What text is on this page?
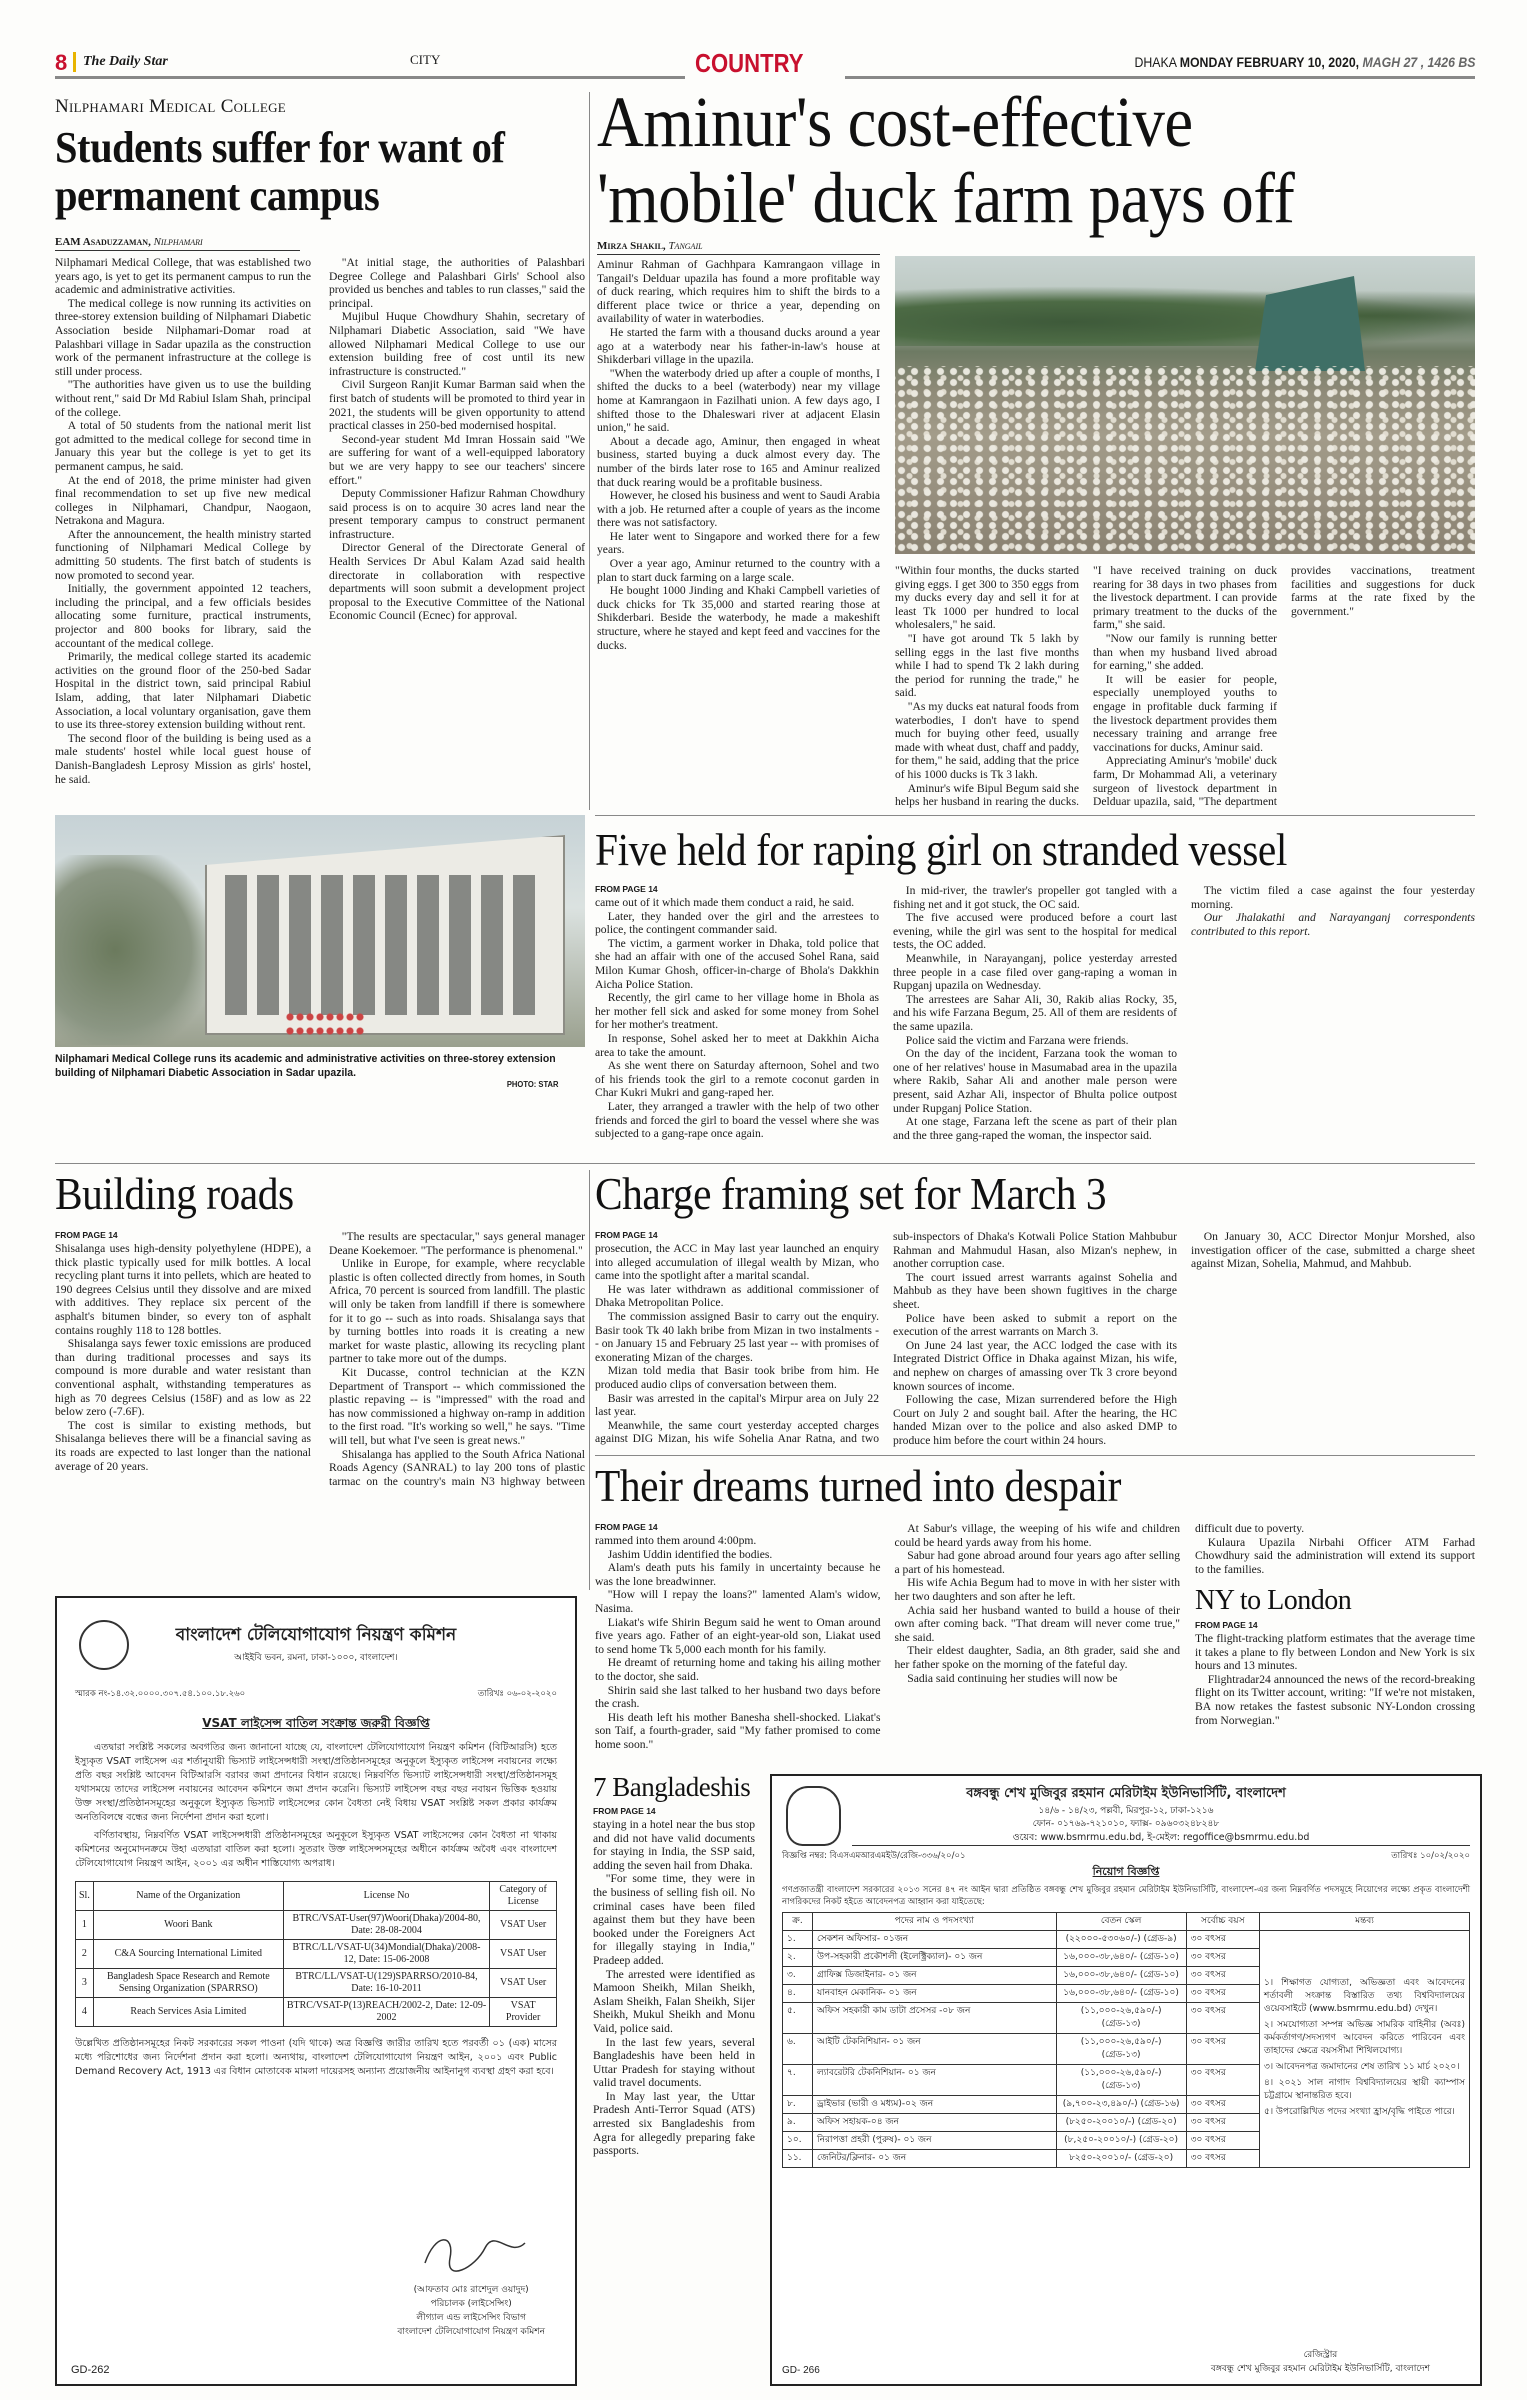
8 The Daily Star	CITY	COUNTRY	DHAKA MONDAY FEBRUARY 10, 2020, MAGH 27 , 1426 BS
Nilphamari Medical College
Students suffer for want of permanent campus
EAM Asaduzzaman, Nilphamari

Nilphamari Medical College, that was established two years ago, is yet to get its permanent campus to run the academic and administrative activities.

The medical college is now running its activities on three-storey extension building of Nilphamari Diabetic Association beside Nilphamari-Domar road at Palashbari village in Sadar upazila as the construction work of the permanent infrastructure at the college is still under process.

"The authorities have given us to use the building without rent," said Dr Md Rabiul Islam Shah, principal of the college.

A total of 50 students from the national merit list got admitted to the medical college for second time in January this year but the college is yet to get its permanent campus, he said.

At the end of 2018, the prime minister had given final recommendation to set up five new medical colleges in Nilphamari, Chandpur, Naogaon, Netrakona and Magura.

After the announcement, the health ministry started functioning of Nilphamari Medical College by admitting 50 students. The first batch of students is now promoted to second year.

Initially, the government appointed 12 teachers, including the principal, and a few officials besides allocating some furniture, practical instruments, projector and 800 books for library, said the accountant of the medical college.

Primarily, the medical college started its academic activities on the ground floor of the 250-bed Sadar Hospital in the district town, said principal Rabiul Islam, adding, that later Nilphamari Diabetic Association, a local voluntary organisation, gave them to use its three-storey extension building without rent.

The second floor of the building is being used as a male students' hostel while local guest house of Danish-Bangladesh Leprosy Mission as girls' hostel, he said.

"At initial stage, the authorities of Palashbari Degree College and Palashbari Girls' School also provided us benches and tables to run classes," said the principal.

Mujibul Huque Chowdhury Shahin, secretary of Nilphamari Diabetic Association, said "We have allowed Nilphamari Medical College to use our extension building free of cost until its new infrastructure is constructed."

Civil Surgeon Ranjit Kumar Barman said when the first batch of students will be promoted to third year in 2021, the students will be given opportunity to attend practical classes in 250-bed modernised hospital.

Second-year student Md Imran Hossain said "We are suffering for want of a well-equipped laboratory but we are very happy to see our teachers' sincere effort."

Deputy Commissioner Hafizur Rahman Chowdhury said process is on to acquire 30 acres land near the present temporary campus to construct permanent infrastructure.

Director General of the Directorate General of Health Services Dr Abul Kalam Azad said health directorate in collaboration with respective departments will soon submit a development project proposal to the Executive Committee of the National Economic Council (Ecnec) for approval.

Aminur's cost-effective
'mobile' duck farm pays off
Mirza Shakil, Tangail

Aminur Rahman of Gachhpara Kamrangaon village in Tangail's Delduar upazila has found a more profitable way of duck rearing, which requires him to shift the birds to a different place twice or thrice a year, depending on availability of water in waterbodies.

He started the farm with a thousand ducks around a year ago at a waterbody near his father-in-law's house at Shikderbari village in the upazila.

"When the waterbody dried up after a couple of months, I shifted the ducks to a beel (waterbody) near my village home at Kamrangaon in Fazilhati union. A few days ago, I shifted those to the Dhaleswari river at adjacent Elasin union," he said.

About a decade ago, Aminur, then engaged in wheat business, started buying a duck almost every day. The number of the birds later rose to 165 and Aminur realized that duck rearing would be a profitable business.

However, he closed his business and went to Saudi Arabia with a job. He returned after a couple of years as the income there was not satisfactory.

He later went to Singapore and worked there for a few years.

Over a year ago, Aminur returned to the country with a plan to start duck farming on a large scale.

He bought 1000 Jinding and Khaki Campbell varieties of duck chicks for Tk 35,000 and started rearing those at Shikderbari. Beside the waterbody, he made a makeshift structure, where he stayed and kept feed and vaccines for the ducks.

"Within four months, the ducks started giving eggs. I get 300 to 350 eggs from my ducks every day and sell it for at least Tk 1000 per hundred to local wholesalers," he said.

"I have got around Tk 5 lakh by selling eggs in the last five months while I had to spend Tk 2 lakh during the period for running the trade," he said.

"As my ducks eat natural foods from waterbodies, I don't have to spend much for buying other feed, usually made with wheat dust, chaff and paddy, for them," he said, adding that the price of his 1000 ducks is Tk 3 lakh.

Aminur's wife Bipul Begum said she helps her husband in rearing the ducks. "I have received training on duck rearing for 38 days in two phases from the livestock department. I can provide primary treatment to the ducks of the farm," she said.

"Now our family is running better than when my husband lived abroad for earning," she added.

It will be easier for people, especially unemployed youths to engage in profitable duck farming if the livestock department provides them necessary training and arrange free vaccinations for ducks, Aminur said.

Appreciating Aminur's 'mobile' duck farm, Dr Mohammad Ali, a veterinary surgeon of livestock department in Delduar upazila, said, "The department provides vaccinations, treatment facilities and suggestions for duck farms at the rate fixed by the government."

Nilphamari Medical College runs its academic and administrative activities on three-storey extension building of Nilphamari Diabetic Association in Sadar upazila.
PHOTO: STAR
Five held for raping girl on stranded vessel
FROM PAGE 14

came out of it which made them conduct a raid, he said.

Later, they handed over the girl and the arrestees to police, the contingent commander said.

The victim, a garment worker in Dhaka, told police that she had an affair with one of the accused Sohel Rana, said Milon Kumar Ghosh, officer-in-charge of Bhola's Dakkhin Aicha Police Station.

Recently, the girl came to her village home in Bhola as her mother fell sick and asked for some money from Sohel for her mother's treatment.

In response, Sohel asked her to meet at Dakkhin Aicha area to take the amount.

As she went there on Saturday afternoon, Sohel and two of his friends took the girl to a remote coconut garden in Char Kukri Mukri and gang-raped her.

Later, they arranged a trawler with the help of two other friends and forced the girl to board the vessel where she was subjected to a gang-rape once again.

In mid-river, the trawler's propeller got tangled with a fishing net and it got stuck, the OC said.

The five accused were produced before a court last evening, while the girl was sent to the hospital for medical tests, the OC added.

Meanwhile, in Narayanganj, police yesterday arrested three people in a case filed over gang-raping a woman in Rupganj upazila on Wednesday.

The arrestees are Sahar Ali, 30, Rakib alias Rocky, 35, and his wife Farzana Begum, 25. All of them are residents of the same upazila.

Police said the victim and Farzana were friends.

On the day of the incident, Farzana took the woman to one of her relatives' house in Masumabad area in the upazila where Rakib, Sahar Ali and another male person were present, said Azhar Ali, inspector of Bhulta police outpost under Rupganj Police Station.

At one stage, Farzana left the scene as part of their plan and the three gang-raped the woman, the inspector said.

The victim filed a case against the four yesterday morning.

Our Jhalakathi and Narayanganj correspondents contributed to this report.

Building roads
FROM PAGE 14

Shisalanga uses high-density polyethylene (HDPE), a thick plastic typically used for milk bottles. A local recycling plant turns it into pellets, which are heated to 190 degrees Celsius until they dissolve and are mixed with additives. They replace six percent of the asphalt's bitumen binder, so every ton of asphalt contains roughly 118 to 128 bottles.

Shisalanga says fewer toxic emissions are produced than during traditional processes and says its compound is more durable and water resistant than conventional asphalt, withstanding temperatures as high as 70 degrees Celsius (158F) and as low as 22 below zero (-7.6F).

The cost is similar to existing methods, but Shisalanga believes there will be a financial saving as its roads are expected to last longer than the national average of 20 years.

"The results are spectacular," says general manager Deane Koekemoer. "The performance is phenomenal."

Unlike in Europe, for example, where recyclable plastic is often collected directly from homes, in South Africa, 70 percent is sourced from landfill. The plastic will only be taken from landfill if there is somewhere for it to go -- such as into roads. Shisalanga says that by turning bottles into roads it is creating a new market for waste plastic, allowing its recycling plant partner to take more out of the dumps.

Kit Ducasse, control technician at the KZN Department of Transport -- which commissioned the plastic repaving -- is "impressed" with the road and has now commissioned a highway on-ramp in addition to the first road. "It's working so well," he says. "Time will tell, but what I've seen is great news."

Shisalanga has applied to the South Africa National Roads Agency (SANRAL) to lay 200 tons of plastic tarmac on the country's main N3 highway between

Charge framing set for March 3
FROM PAGE 14

prosecution, the ACC in May last year launched an enquiry into alleged accumulation of illegal wealth by Mizan, who came into the spotlight after a marital scandal.

He was later withdrawn as additional commissioner of Dhaka Metropolitan Police.

The commission assigned Basir to carry out the enquiry. Basir took Tk 40 lakh bribe from Mizan in two instalments -- on January 15 and February 25 last year -- with promises of exonerating Mizan of the charges.

Mizan told media that Basir took bribe from him. He produced audio clips of conversation between them.

Basir was arrested in the capital's Mirpur area on July 22 last year.

Meanwhile, the same court yesterday accepted charges against DIG Mizan, his wife Sohelia Anar Ratna, and two sub-inspectors of Dhaka's Kotwali Police Station Mahbubur Rahman and Mahmudul Hasan, also Mizan's nephew, in another corruption case.

The court issued arrest warrants against Sohelia and Mahbub as they have been shown fugitives in the charge sheet.

Police have been asked to submit a report on the execution of the arrest warrants on March 3.

On June 24 last year, the ACC lodged the case with its Integrated District Office in Dhaka against Mizan, his wife, and nephew on charges of amassing over Tk 3 crore beyond known sources of income.

Following the case, Mizan surrendered before the High Court on July 2 and sought bail. After the hearing, the HC handed Mizan over to the police and also asked DMP to produce him before the court within 24 hours.

On January 30, ACC Director Monjur Morshed, also investigation officer of the case, submitted a charge sheet against Mizan, Sohelia, Mahmud, and Mahbub.

Their dreams turned into despair
FROM PAGE 14

rammed into them around 4:00pm.

Jashim Uddin identified the bodies.

Alam's death puts his family in uncertainty because he was the lone breadwinner.

"How will I repay the loans?" lamented Alam's widow, Nasima.

Liakat's wife Shirin Begum said he went to Oman around five years ago. Father of an eight-year-old son, Liakat used to send home Tk 5,000 each month for his family.

He dreamt of returning home and taking his ailing mother to the doctor, she said.

Shirin said she last talked to her husband two days before the crash.

His death left his mother Banesha shell-shocked. Liakat's son Taif, a fourth-grader, said "My father promised to come home soon."

At Sabur's village, the weeping of his wife and children could be heard yards away from his home.

Sabur had gone abroad around four years ago after selling a part of his homestead.

His wife Achia Begum had to move in with her sister with her two daughters and son after he left.

Achia said her husband wanted to build a house of their own after coming back. "That dream will never come true," she said.

Their eldest daughter, Sadia, an 8th grader, said she and her father spoke on the morning of the fateful day.

Sadia said continuing her studies will now be

difficult due to poverty.

Kulaura Upazila Nirbahi Officer ATM Farhad Chowdhury said the administration will extend its support to the families.

NY to London
FROM PAGE 14

The flight-tracking platform estimates that the average time it takes a plane to fly between London and New York is six hours and 13 minutes.

Flightradar24 announced the news of the record-breaking flight on its Twitter account, writing: "If we're not mistaken, BA now retakes the fastest subsonic NY-London crossing from Norwegian."

7 Bangladeshis
FROM PAGE 14

staying in a hotel near the bus stop and did not have valid documents for staying in India, the SSP said, adding the seven hail from Dhaka.

"For some time, they were in the business of selling fish oil. No criminal cases have been filed against them but they have been booked under the Foreigners Act for illegally staying in India," Pradeep added.

The arrested were identified as Mamoon Sheikh, Milan Sheikh, Aslam Sheikh, Falan Sheikh, Sijer Sheikh, Mukul Sheikh and Monu Vaid, police said.

In the last few years, several Bangladeshis have been held in Uttar Pradesh for staying without valid travel documents.

In May last year, the Uttar Pradesh Anti-Terror Squad (ATS) arrested six Bangladeshis from Agra for allegedly preparing fake passports.

বাংলাদেশ টেলিযোগাযোগ নিয়ন্ত্রণ কমিশন
আইইবি ভবন, রমনা, ঢাকা-১০০০, বাংলাদেশ।
স্মারক নং-১৪.৩২.০০০০.৩০৭.৫৪.১০০.১৮.২৬০	তারিখঃ ০৬-০২-২০২০
VSAT লাইসেন্স বাতিল সংক্রান্ত জরুরী বিজ্ঞপ্তি

এতদ্বারা সংশ্লিষ্ট সকলের অবগতির জন্য জানানো যাচ্ছে যে, বাংলাদেশ টেলিযোগাযোগ নিয়ন্ত্রণ কমিশন (বিটিআরসি) হতে ইস্যুকৃত VSAT লাইসেন্স এর শর্তানুযায়ী ভিস্যাট লাইসেন্সধারী সংস্থা/প্রতিষ্ঠানসমূহের অনুকূলে ইস্যুকৃত লাইসেন্স নবায়নের লক্ষ্যে প্রতি বছর সংশ্লিষ্ট আবেদন বিটিআরসি বরাবর জমা প্রদানের বিধান রয়েছে। নিম্নবর্ণিত ভিস্যাট লাইসেন্সধারী সংস্থা/প্রতিষ্ঠানসমূহ যথাসময়ে তাদের লাইসেন্স নবায়নের আবেদন কমিশনে জমা প্রদান করেনি। ভিস্যাট লাইসেন্স বছর বছর নবায়ন ভিত্তিক হওয়ায় উক্ত সংস্থা/প্রতিষ্ঠানসমূহের অনুকূলে ইস্যুকৃত ভিস্যাট লাইসেন্সের কোন বৈধতা নেই বিধায় VSAT সংশ্লিষ্ট সকল প্রকার কার্যক্রম অনতিবিলম্বে বন্ধের জন্য নির্দেশনা প্রদান করা হলো।

বর্ণিতাবস্থায়, নিম্নবর্ণিত VSAT লাইসেন্সধারী প্রতিষ্ঠানসমূহের অনুকূলে ইস্যুকৃত VSAT লাইসেন্সের কোন বৈধতা না থাকায় কমিশনের অনুমোদনক্রমে উহা এতদ্বারা বাতিল করা হলো। সুতরাং উক্ত লাইসেন্সসমূহের অধীনে কার্যক্রম অবৈধ এবং বাংলাদেশ টেলিযোগাযোগ নিয়ন্ত্রণ আইন, ২০০১ এর অধীন শাস্তিযোগ্য অপরাধ।

Sl.	Name of the Organization	License No	Category of License
1	Woori Bank	BTRC/VSAT-User(97)Woori(Dhaka)/2004-80, Date: 28-08-2004	VSAT User
2	C&A Sourcing International Limited	BTRC/LL/VSAT-U(34)Mondial(Dhaka)/2008-12, Date: 15-06-2008	VSAT User
3	Bangladesh Space Research and Remote Sensing Organization (SPARRSO)	BTRC/LL/VSAT-U(129)SPARRSO/2010-84, Date: 16-10-2011	VSAT User
4	Reach Services Asia Limited	BTRC/VSAT-P(13)REACH/2002-2, Date: 12-09-2002	VSAT Provider

উল্লেখিত প্রতিষ্ঠানসমূহের নিকট সরকারের সকল পাওনা (যদি থাকে) অত্র বিজ্ঞপ্তি জারীর তারিখ হতে পরবর্তী ০১ (এক) মাসের মধ্যে পরিশোধের জন্য নির্দেশনা প্রদান করা হলো। অন্যথায়, বাংলাদেশ টেলিযোগাযোগ নিয়ন্ত্রণ আইন, ২০০১ এবং Public Demand Recovery Act, 1913 এর বিধান মোতাবেক মামলা দায়েরসহ অন্যান্য প্রয়োজনীয় আইনানুগ ব্যবস্থা গ্রহণ করা হবে।

(আফতাব মোঃ রাশেদুল ওয়াদুদ)
পরিচালক (লাইসেন্সিং)
লীগ্যাল এন্ড লাইসেন্সিং বিভাগ
বাংলাদেশ টেলিযোগাযোগ নিয়ন্ত্রণ কমিশন
GD-262
বঙ্গবন্ধু শেখ মুজিবুর রহমান মেরিটাইম ইউনিভার্সিটি, বাংলাদেশ
১৪/৬ - ১৪/২৩, পল্লবী, মিরপুর-১২, ঢাকা-১২১৬
ফোন- ০১৭৬৯-৭২১০১০, ফ্যাক্স- ০৯৬০৩২৪৮২৪৮
ওয়েব: www.bsmrmu.edu.bd, ই-মেইল: regoffice@bsmrmu.edu.bd
বিজ্ঞপ্তি নম্বর: বিএসএমআরএমইউ/রেজি-৩৩৬/২০/০১	তারিখঃ ১০/০২/২০২০
নিয়োগ বিজ্ঞপ্তি

গণপ্রজাতন্ত্রী বাংলাদেশ সরকারের ২০১৩ সনের ৪৭ নং আইন দ্বারা প্রতিষ্ঠিত বঙ্গবন্ধু শেখ মুজিবুর রহমান মেরিটাইম ইউনিভার্সিটি, বাংলাদেশ-এর জন্য নিম্নবর্ণিত পদসমূহে নিয়োগের লক্ষ্যে প্রকৃত বাংলাদেশী নাগরিকদের নিকট হইতে আবেদনপত্র আহ্বান করা যাইতেছে:

ক্র.	পদের নাম ও পদসংখ্যা	বেতন স্কেল	সর্বোচ্চ বয়স	মন্তব্য
১.	সেকশন অফিসার- ০১জন	(২২০০০-৫৩০৬০/-) (গ্রেড-৯)	৩০ বৎসর	১। শিক্ষাগত যোগ্যতা, অভিজ্ঞতা এবং আবেদনের শর্তাবলী সংক্রান্ত বিস্তারিত তথ্য বিশ্ববিদ্যালয়ের ওয়েবসাইটে (www.bsmrmu.edu.bd) দেখুন।
২। সমযোগ্যতা সম্পন্ন অভিজ্ঞ সামরিক বাহিনীর (অবঃ) কর্মকর্তাগণ/সদস্যগণ আবেদন করিতে পারিবেন এবং তাহাদের ক্ষেত্রে বয়সসীমা শিথিলযোগ্য।
৩। আবেদনপত্র জমাদানের শেষ তারিখ ১১ মার্চ ২০২০।
৪। ২০২১ সাল নাগাদ বিশ্ববিদ্যালয়ের স্থায়ী ক্যাম্পাস চট্টগ্রামে স্থানান্তরিত হবে।
৫। উপরোল্লিখিত পদের সংখ্যা হ্রাস/বৃদ্ধি পাইতে পারে।

২.	উপ-সহকারী প্রকৌশলী (ইলেক্ট্রিক্যাল)- ০১ জন	১৬,০০০-৩৮,৬৪০/- (গ্রেড-১০)	৩০ বৎসর	
৩.	গ্রাফিক্স ডিজাইনার- ০১ জন	১৬,০০০-৩৮,৬৪০/- (গ্রেড-১০)	৩০ বৎসর	
৪.	যানবাহন মেকানিক- ০১ জন	১৬,০০০-৩৮,৬৪০/- (গ্রেড-১০)	৩০ বৎসর	
৫.	অফিস সহকারী কাম ডাটা প্রসেসর -০৮ জন	(১১,০০০-২৬,৫৯০/-) (গ্রেড-১৩)	৩০ বৎসর	
৬.	আইটি টেকনিশিয়ান- ০১ জন	(১১,০০০-২৬,৫৯০/-) (গ্রেড-১৩)	৩০ বৎসর	
৭.	ল্যাবরেটরি টেকনিশিয়ান- ০১ জন	(১১,০০০-২৬,৫৯০/-) (গ্রেড-১৩)	৩০ বৎসর	
৮.	ড্রাইভার (ভারী ও মধ্যম)-০২ জন	(৯,৭০০-২৩,৪৯০/-) (গ্রেড-১৬)	৩০ বৎসর	
৯.	অফিস সহায়ক-০৪ জন	(৮২৫০-২০০১০/-) (গ্রেড-২০)	৩০ বৎসর	
১০.	নিরাপত্তা প্রহরী (পুরুষ)- ০১ জন	(৮,২৫০-২০০১০/-) (গ্রেড-২০)	৩০ বৎসর	
১১.	জেনিটর/ক্লিনার- ০১ জন	৮২৫০-২০০১০/- (গ্রেড-২০)	৩০ বৎসর	
রেজিস্ট্রার
বঙ্গবন্ধু শেখ মুজিবুর রহমান মেরিটাইম ইউনিভার্সিটি, বাংলাদেশ
GD- 266
